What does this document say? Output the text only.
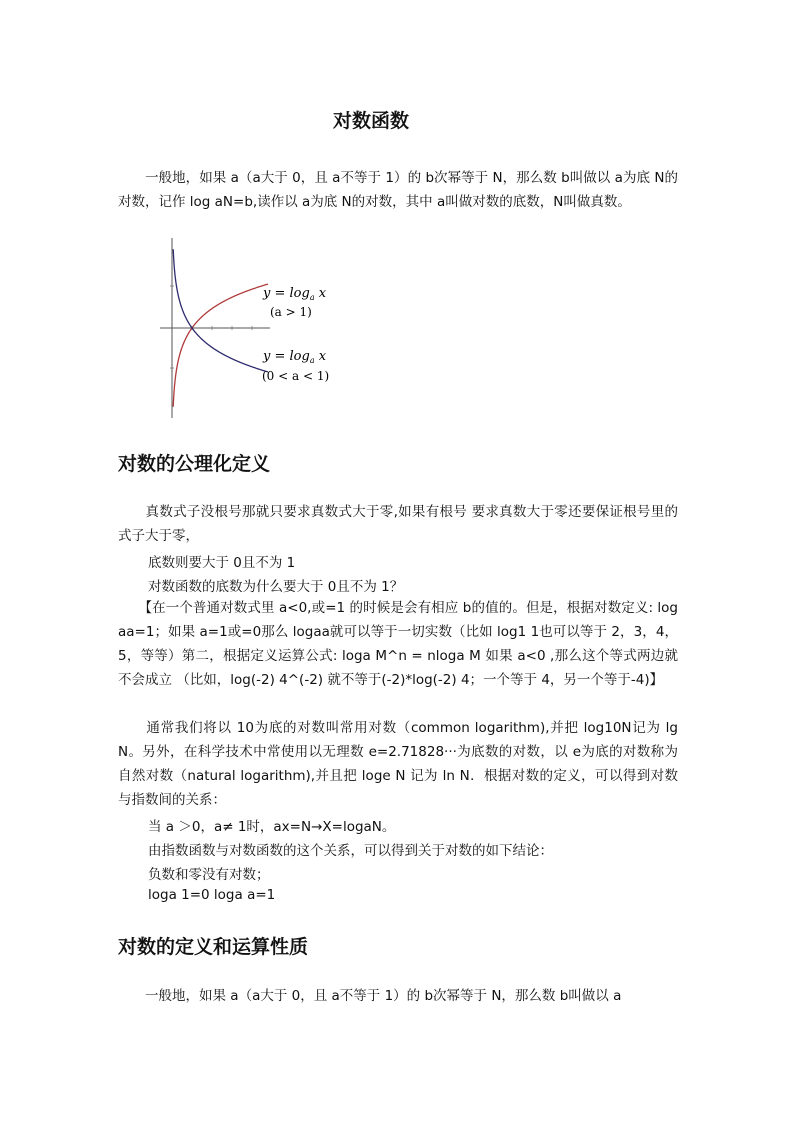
对数函数
　　一般地，如果 a（a大于 0，且 a不等于 1）的 b次幂等于 N，那么数 b叫做以 a为底 N的对数，记作 log aN=b,读作以 a为底 N的对数，其中 a叫做对数的底数，N叫做真数。
$y = \log_a x$
(a > 1)
$y = \log_a x$
(0 < a < 1)
对数的公理化定义
　　真数式子没根号那就只要求真数式大于零,如果有根号 要求真数大于零还要保证根号里的式子大于零，
底数则要大于 0且不为 1
对数函数的底数为什么要大于 0且不为 1？
　　【在一个普通对数式里 a<0,或=1 的时候是会有相应 b的值的。但是，根据对数定义: logaa=1；如果 a=1或=0那么 logaa就可以等于一切实数（比如 log1 1也可以等于 2，3，4，5，等等）第二，根据定义运算公式: loga M^n = nloga M 如果 a<0 ,那么这个等式两边就不会成立 （比如，log(-2) 4^(-2) 就不等于(-2)*log(-2) 4；一个等于 4，另一个等于-4)】
　　通常我们将以 10为底的对数叫常用对数（common logarithm),并把 log10N记为 lgN。另外，在科学技术中常使用以无理数 e=2.71828···为底数的对数，以 e为底的对数称为自然对数（natural logarithm),并且把 loge N 记为 ln N．根据对数的定义，可以得到对数与指数间的关系：
当 a ＞0，a≠ 1时，ax=N→X=logaN。
由指数函数与对数函数的这个关系，可以得到关于对数的如下结论：
负数和零没有对数；
loga 1=0 loga a=1
对数的定义和运算性质
　　一般地，如果 a（a大于 0，且 a不等于 1）的 b次幂等于 N，那么数 b叫做以 a
